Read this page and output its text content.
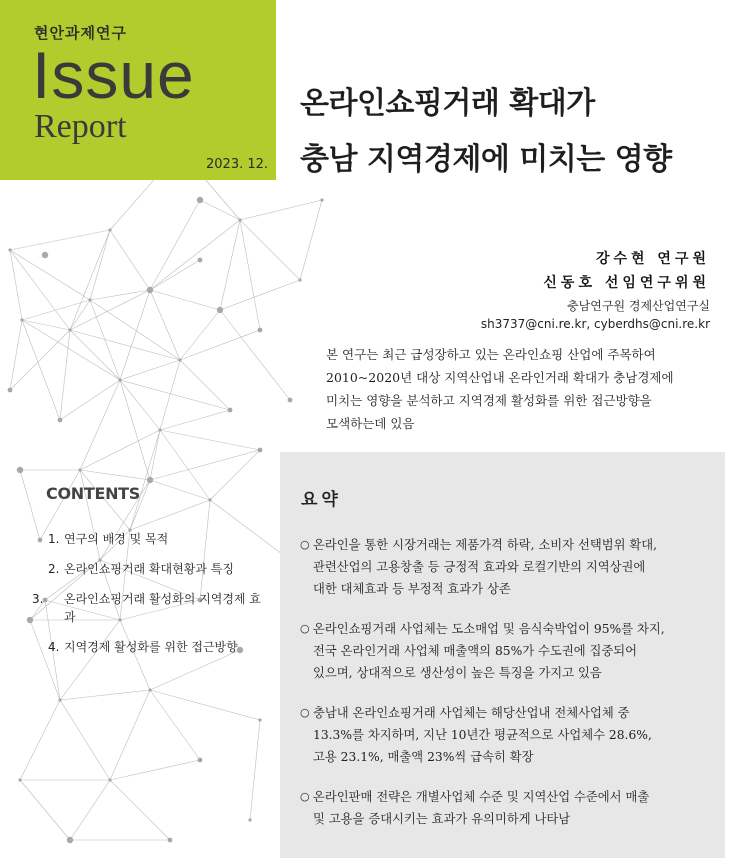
현안과제연구
Issue
Report
2023. 12.
온라인쇼핑거래 확대가
충남 지역경제에 미치는 영향
강수현 연구원
신동호 선임연구위원
충남연구원 경제산업연구실
sh3737@cni.re.kr, cyberdhs@cni.re.kr
본 연구는 최근 급성장하고 있는 온라인쇼핑 산업에 주목하여
2010~2020년 대상 지역산업내 온라인거래 확대가 충남경제에
미치는 영향을 분석하고 지역경제 활성화를 위한 접근방향을
모색하는데 있음
CONTENTS
1. 연구의 배경 및 목적
2. 온라인쇼핑거래 확대현황과 특징
3. 온라인쇼핑거래 활성화의 지역경제 효과
4. 지역경제 활성화를 위한 접근방향
요약
○ 온라인을 통한 시장거래는 제품가격 하락, 소비자 선택범위 확대,
관련산업의 고용창출 등 긍정적 효과와 로컬기반의 지역상권에
대한 대체효과 등 부정적 효과가 상존
○ 온라인쇼핑거래 사업체는 도소매업 및 음식숙박업이 95%를 차지,
전국 온라인거래 사업체 매출액의 85%가 수도권에 집중되어
있으며, 상대적으로 생산성이 높은 특징을 가지고 있음
○ 충남내 온라인쇼핑거래 사업체는 해당산업내 전체사업체 중
13.3%를 차지하며, 지난 10년간 평균적으로 사업체수 28.6%,
고용 23.1%, 매출액 23%씩 급속히 확장
○ 온라인판매 전략은 개별사업체 수준 및 지역산업 수준에서 매출
및 고용을 증대시키는 효과가 유의미하게 나타남
